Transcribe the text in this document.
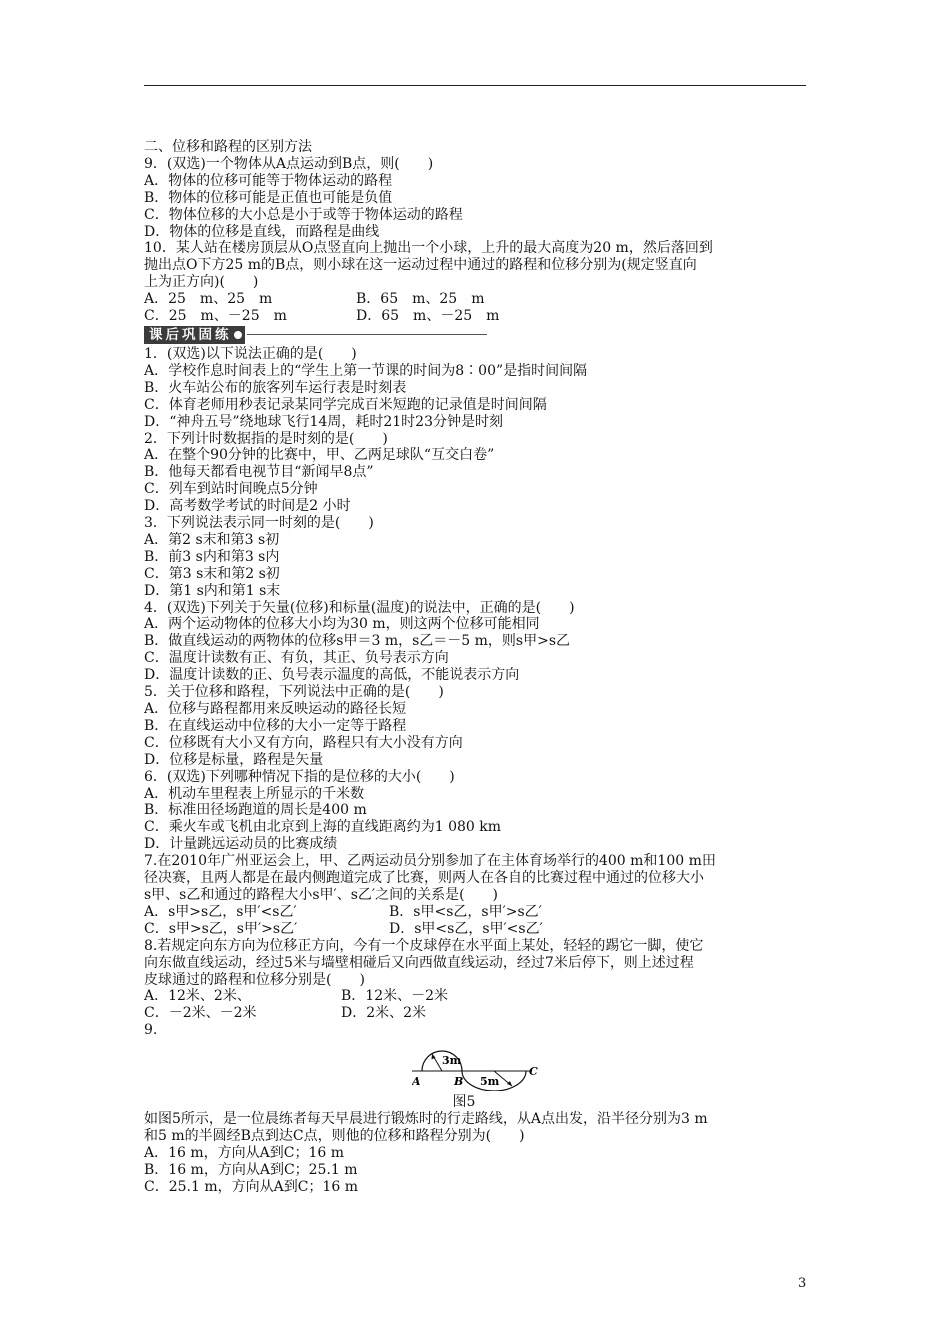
二、位移和路程的区别方法
9．(双选)一个物体从A点运动到B点，则(　　)
A．物体的位移可能等于物体运动的路程
B．物体的位移可能是正值也可能是负值
C．物体位移的大小总是小于或等于物体运动的路程
D．物体的位移是直线，而路程是曲线
10．某人站在楼房顶层从O点竖直向上抛出一个小球，上升的最大高度为20 m，然后落回到
抛出点O下方25 m的B点，则小球在这一运动过程中通过的路程和位移分别为(规定竖直向
上为正方向)(　　)
A．25　m、25　m	B．65　m、25　m
C．25　m、－25　m	D．65　m、－25　m
课后巩固练
1．(双选)以下说法正确的是(　　)
A．学校作息时间表上的“学生上第一节课的时间为8∶00”是指时间间隔
B．火车站公布的旅客列车运行表是时刻表
C．体育老师用秒表记录某同学完成百米短跑的记录值是时间间隔
D．“神舟五号”绕地球飞行14周，耗时21时23分钟是时刻
2．下列计时数据指的是时刻的是(　　)
A．在整个90分钟的比赛中，甲、乙两足球队“互交白卷”
B．他每天都看电视节目“新闻早8点”
C．列车到站时间晚点5分钟
D．高考数学考试的时间是2 小时
3．下列说法表示同一时刻的是(　　)
A．第2 s末和第3 s初
B．前3 s内和第3 s内
C．第3 s末和第2 s初
D．第1 s内和第1 s末
4．(双选)下列关于矢量(位移)和标量(温度)的说法中，正确的是(　　)
A．两个运动物体的位移大小均为30 m，则这两个位移可能相同
B．做直线运动的两物体的位移s甲＝3 m，s乙＝－5 m，则s甲>s乙
C．温度计读数有正、有负，其正、负号表示方向
D．温度计读数的正、负号表示温度的高低，不能说表示方向
5．关于位移和路程，下列说法中正确的是(　　)
A．位移与路程都用来反映运动的路径长短
B．在直线运动中位移的大小一定等于路程
C．位移既有大小又有方向，路程只有大小没有方向
D．位移是标量，路程是矢量
6．(双选)下列哪种情况下指的是位移的大小(　　)
A．机动车里程表上所显示的千米数
B．标准田径场跑道的周长是400 m
C．乘火车或飞机由北京到上海的直线距离约为1 080 km
D．计量跳远运动员的比赛成绩
7.在2010年广州亚运会上，甲、乙两运动员分别参加了在主体育场举行的400 m和100 m田
径决赛，且两人都是在最内侧跑道完成了比赛，则两人在各自的比赛过程中通过的位移大小
s甲、s乙和通过的路程大小s甲′、s乙′之间的关系是(　　)
A．s甲>s乙，s甲′<s乙′	B．s甲<s乙，s甲′>s乙′
C．s甲>s乙，s甲′>s乙′	D．s甲<s乙，s甲′<s乙′
8.若规定向东方向为位移正方向，今有一个皮球停在水平面上某处，轻轻的踢它一脚，使它
向东做直线运动，经过5米与墙壁相碰后又向西做直线运动，经过7米后停下，则上述过程
皮球通过的路程和位移分别是(　　)
A．12米、2米、	B．12米、－2米
C．－2米、－2米	D．2米、2米
9.
3m
5m
A	B
C
图5
如图5所示，是一位晨练者每天早晨进行锻炼时的行走路线，从A点出发，沿半径分别为3 m
和5 m的半圆经B点到达C点，则他的位移和路程分别为(　　)
A．16 m，方向从A到C；16 m
B．16 m，方向从A到C；25.1 m
C．25.1 m，方向从A到C；16 m
3
